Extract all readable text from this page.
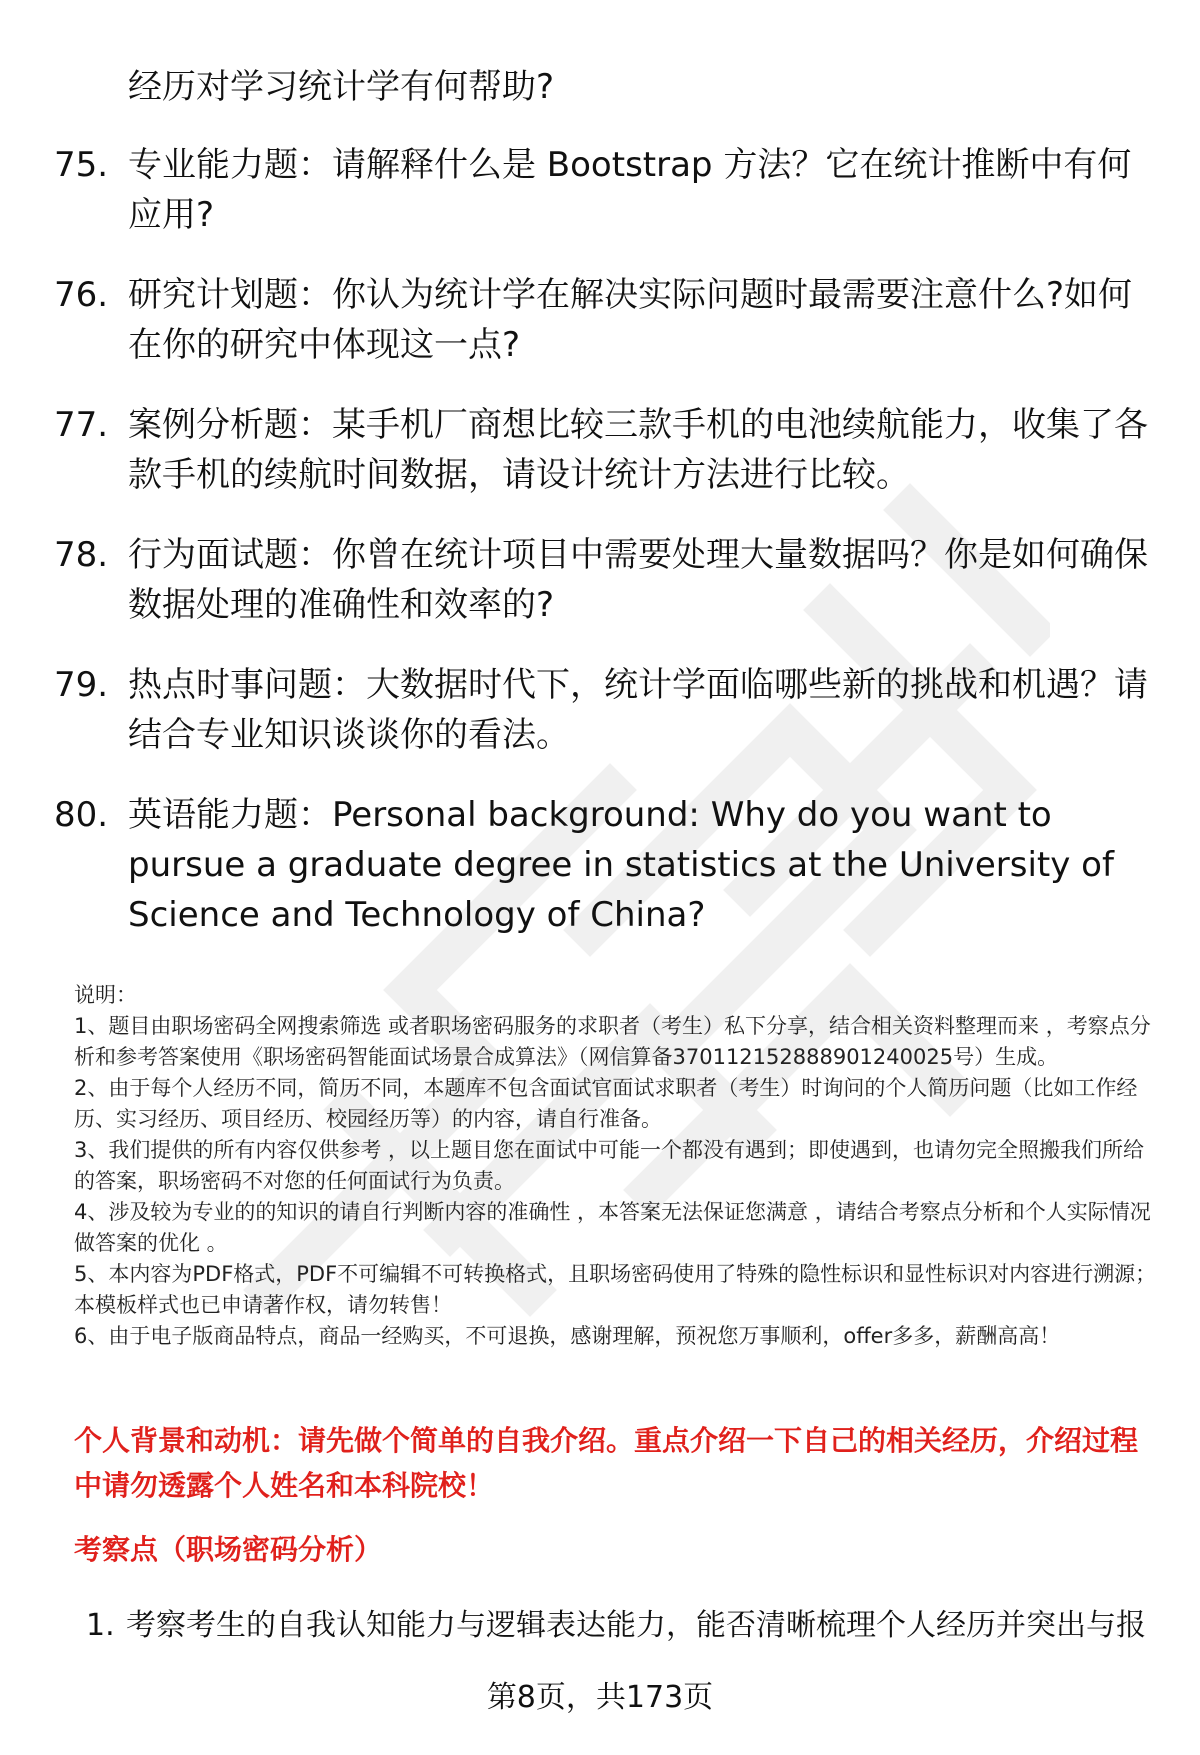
经历对学习统计学有何帮助?
75. 专业能力题：请解释什么是 Bootstrap 方法？它在统计推断中有何应用?
76. 研究计划题：你认为统计学在解决实际问题时最需要注意什么?如何在你的研究中体现这一点?
77. 案例分析题：某手机厂商想比较三款手机的电池续航能力，收集了各款手机的续航时间数据，请设计统计方法进行比较。
78. 行为面试题：你曾在统计项目中需要处理大量数据吗？你是如何确保数据处理的准确性和效率的?
79. 热点时事问题：大数据时代下，统计学面临哪些新的挑战和机遇？请结合专业知识谈谈你的看法。
80. 英语能力题：Personal background: Why do you want to pursue a graduate degree in statistics at the University of Science and Technology of China?

说明：

1、题目由职场密码全网搜索筛选 或者职场密码服务的求职者（考生）私下分享，结合相关资料整理而来 ，考察点分析和参考答案使用《职场密码智能面试场景合成算法》（网信算备370112152888901240025号）生成。

2、由于每个人经历不同，简历不同，本题库不包含面试官面试求职者（考生）时询问的个人简历问题（比如工作经历、实习经历、项目经历、校园经历等）的内容，请自行准备。

3、我们提供的所有内容仅供参考 ，以上题目您在面试中可能一个都没有遇到；即使遇到，也请勿完全照搬我们所给的答案，职场密码不对您的任何面试行为负责。

4、涉及较为专业的的知识的请自行判断内容的准确性 ，本答案无法保证您满意 ，请结合考察点分析和个人实际情况做答案的优化 。

5、本内容为PDF格式，PDF不可编辑不可转换格式，且职场密码使用了特殊的隐性标识和显性标识对内容进行溯源；本模板样式也已申请著作权，请勿转售！

6、由于电子版商品特点，商品一经购买，不可退换，感谢理解，预祝您万事顺利，offer多多，薪酬高高！

个人背景和动机：请先做个简单的自我介绍。重点介绍一下自己的相关经历，介绍过程中请勿透露个人姓名和本科院校！
考察点（职场密码分析）
1. 考察考生的自我认知能力与逻辑表达能力，能否清晰梳理个人经历并突出与报
第8页，共173页
